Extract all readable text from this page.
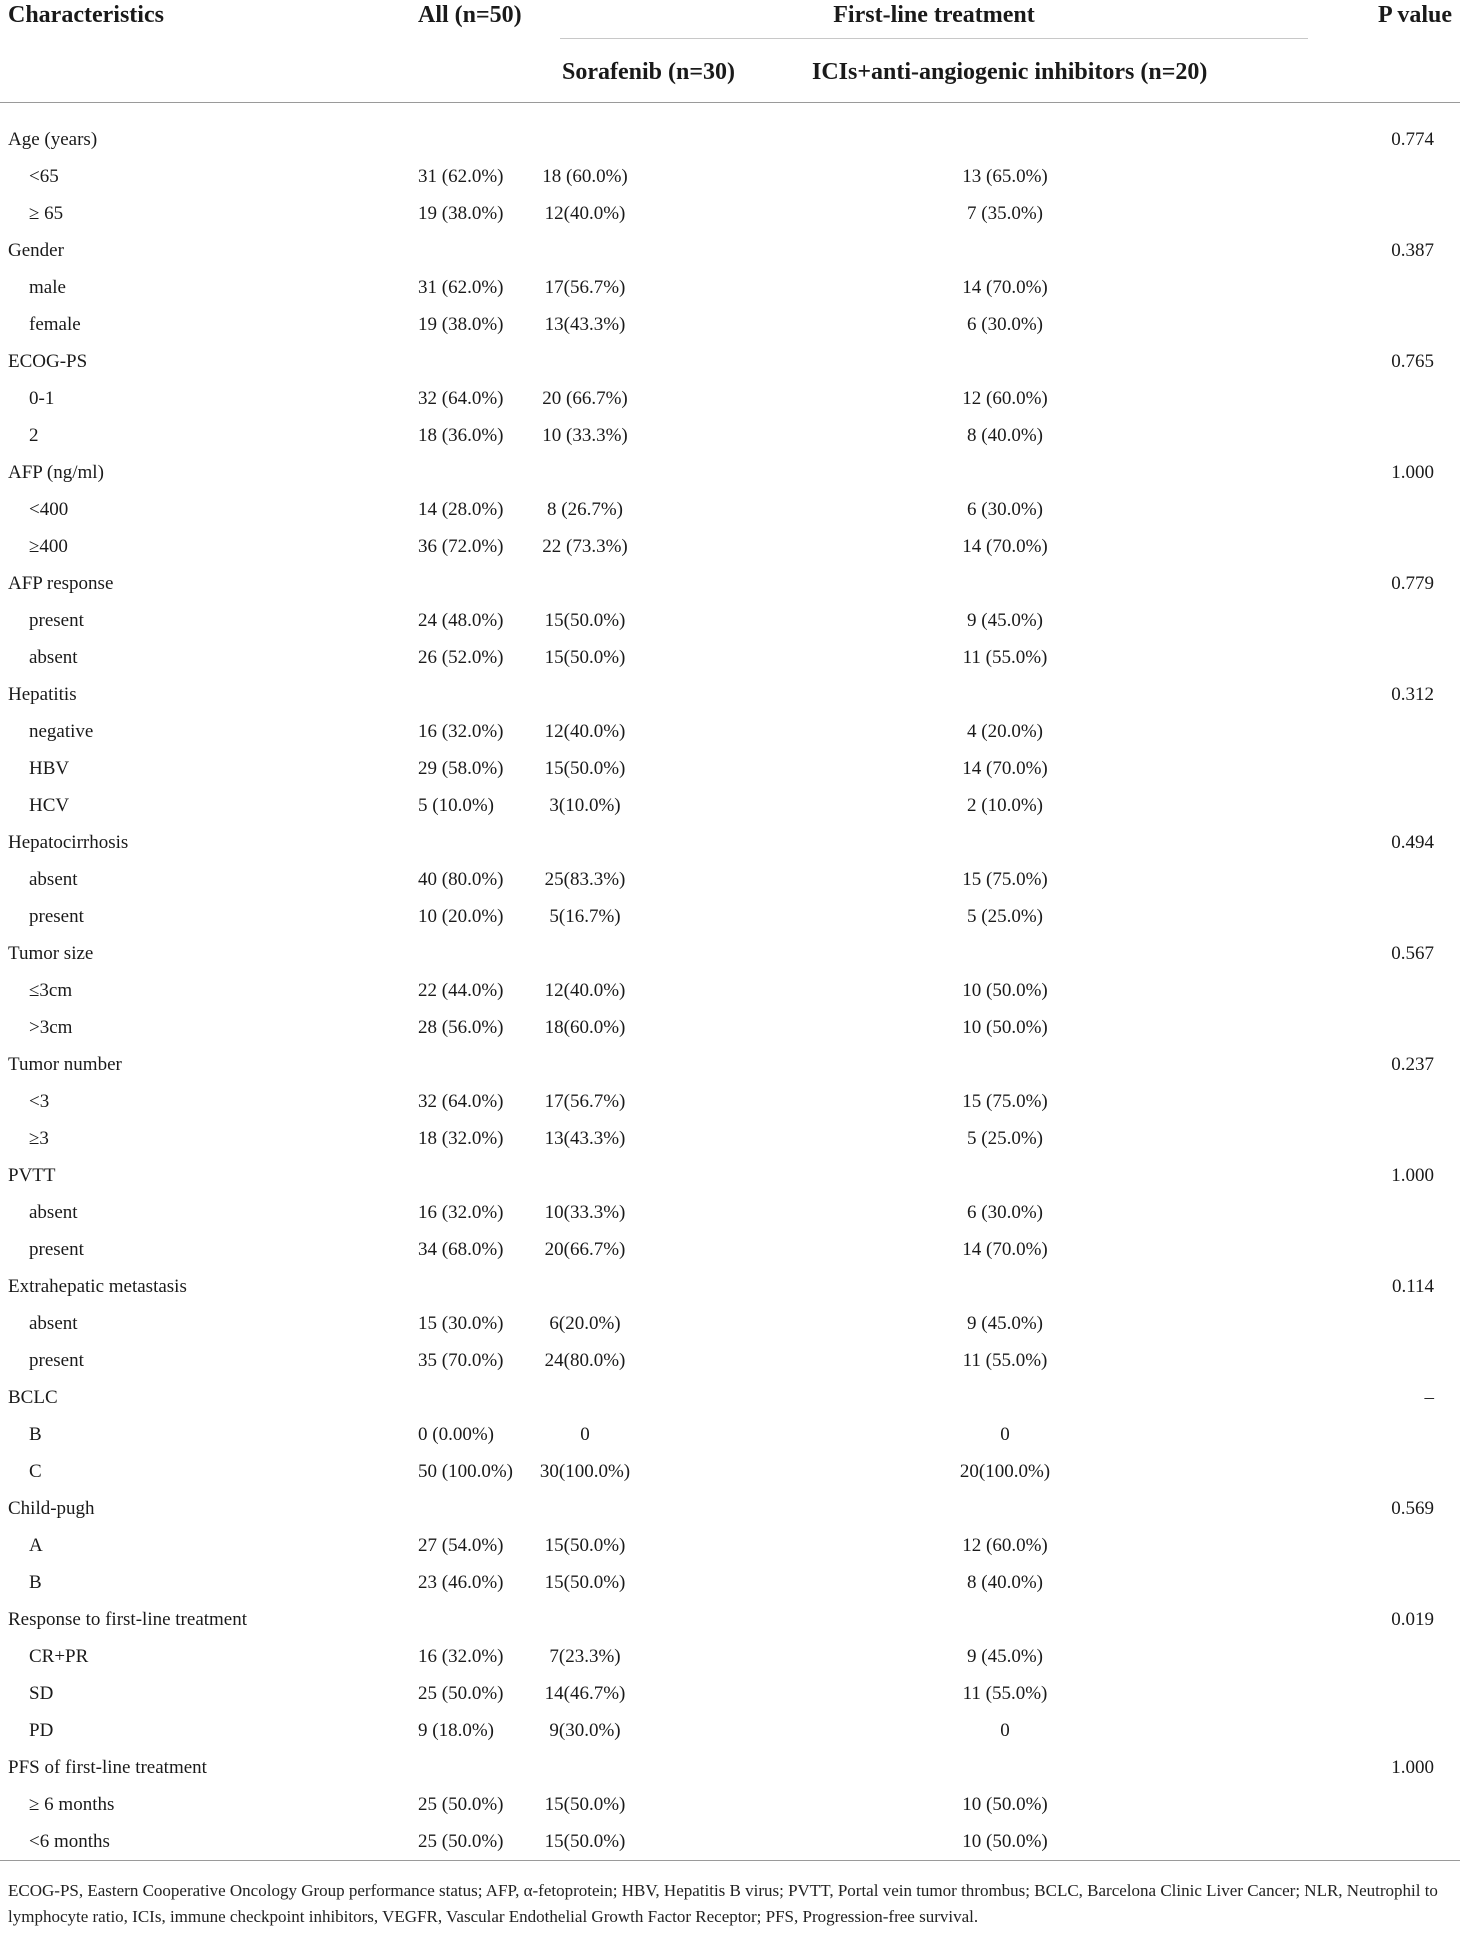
Characteristics	All (n=50)	First-line treatment		P value
		Sorafenib (n=30)	ICIs+anti-angiogenic inhibitors (n=20)	
Age (years)				0.774
<65	31 (62.0%)	18 (60.0%)	13 (65.0%)	
≥ 65	19 (38.0%)	12(40.0%)	7 (35.0%)	
Gender				0.387
male	31 (62.0%)	17(56.7%)	14 (70.0%)	
female	19 (38.0%)	13(43.3%)	6 (30.0%)	
ECOG-PS				0.765
0-1	32 (64.0%)	20 (66.7%)	12 (60.0%)	
2	18 (36.0%)	10 (33.3%)	8 (40.0%)	
AFP (ng/ml)				1.000
<400	14 (28.0%)	8 (26.7%)	6 (30.0%)	
≥400	36 (72.0%)	22 (73.3%)	14 (70.0%)	
AFP response				0.779
present	24 (48.0%)	15(50.0%)	9 (45.0%)	
absent	26 (52.0%)	15(50.0%)	11 (55.0%)	
Hepatitis				0.312
negative	16 (32.0%)	12(40.0%)	4 (20.0%)	
HBV	29 (58.0%)	15(50.0%)	14 (70.0%)	
HCV	5 (10.0%)	3(10.0%)	2 (10.0%)	
Hepatocirrhosis				0.494
absent	40 (80.0%)	25(83.3%)	15 (75.0%)	
present	10 (20.0%)	5(16.7%)	5 (25.0%)	
Tumor size				0.567
≤3cm	22 (44.0%)	12(40.0%)	10 (50.0%)	
>3cm	28 (56.0%)	18(60.0%)	10 (50.0%)	
Tumor number				0.237
<3	32 (64.0%)	17(56.7%)	15 (75.0%)	
≥3	18 (32.0%)	13(43.3%)	5 (25.0%)	
PVTT				1.000
absent	16 (32.0%)	10(33.3%)	6 (30.0%)	
present	34 (68.0%)	20(66.7%)	14 (70.0%)	
Extrahepatic metastasis				0.114
absent	15 (30.0%)	6(20.0%)	9 (45.0%)	
present	35 (70.0%)	24(80.0%)	11 (55.0%)	
BCLC				–
B	0 (0.00%)	0	0	
C	50 (100.0%)	30(100.0%)	20(100.0%)	
Child-pugh				0.569
A	27 (54.0%)	15(50.0%)	12 (60.0%)	
B	23 (46.0%)	15(50.0%)	8 (40.0%)	
Response to first-line treatment				0.019
CR+PR	16 (32.0%)	7(23.3%)	9 (45.0%)	
SD	25 (50.0%)	14(46.7%)	11 (55.0%)	
PD	9 (18.0%)	9(30.0%)	0	
PFS of first-line treatment				1.000
≥ 6 months	25 (50.0%)	15(50.0%)	10 (50.0%)	
<6 months	25 (50.0%)	15(50.0%)	10 (50.0%)	
ECOG-PS, Eastern Cooperative Oncology Group performance status; AFP, α-fetoprotein; HBV, Hepatitis B virus; PVTT, Portal vein tumor thrombus; BCLC, Barcelona Clinic Liver Cancer; NLR, Neutrophil to lymphocyte ratio, ICIs, immune checkpoint inhibitors, VEGFR, Vascular Endothelial Growth Factor Receptor; PFS, Progression-free survival.				
